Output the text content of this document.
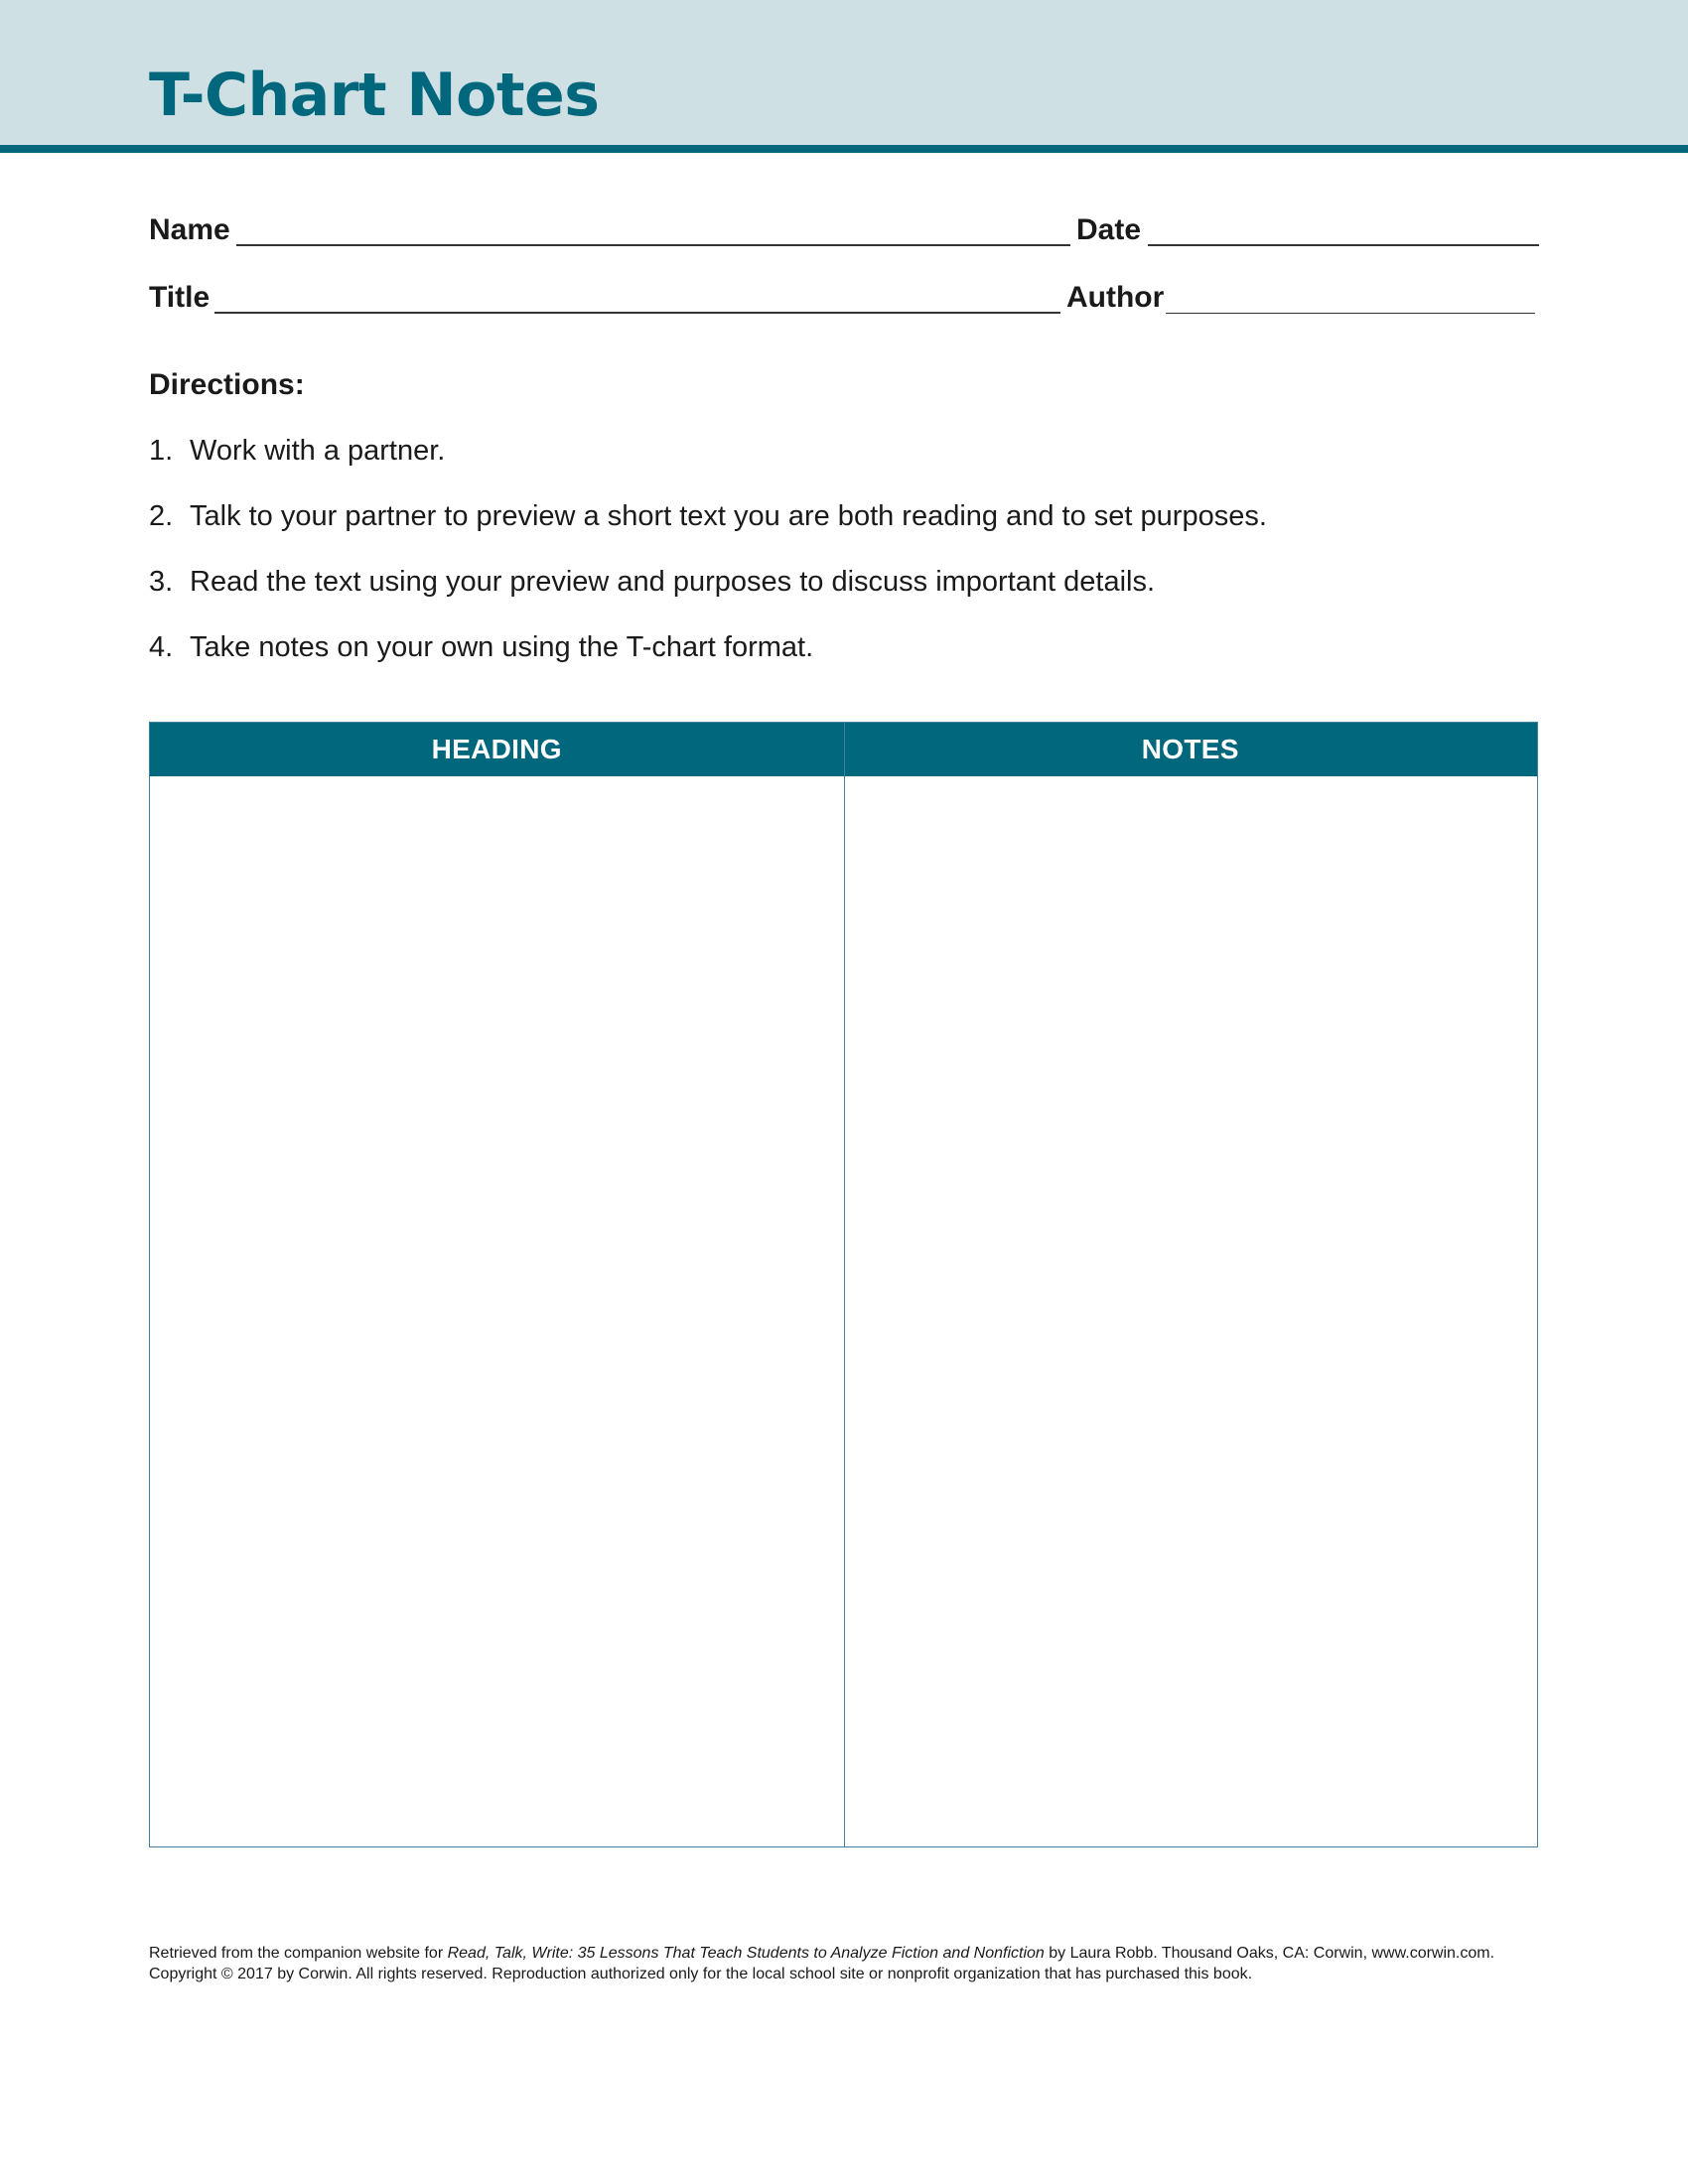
T-Chart Notes
Name	Date
Title	Author
Directions:
1. Work with a partner.
2. Talk to your partner to preview a short text you are both reading and to set purposes.
3. Read the text using your preview and purposes to discuss important details.
4. Take notes on your own using the T-chart format.
HEADING	NOTES

Retrieved from the companion website for Read, Talk, Write: 35 Lessons That Teach Students to Analyze Fiction and Nonfiction by Laura Robb. Thousand Oaks, CA: Corwin, www.corwin.com. Copyright © 2017 by Corwin. All rights reserved. Reproduction authorized only for the local school site or nonprofit organization that has purchased this book.
